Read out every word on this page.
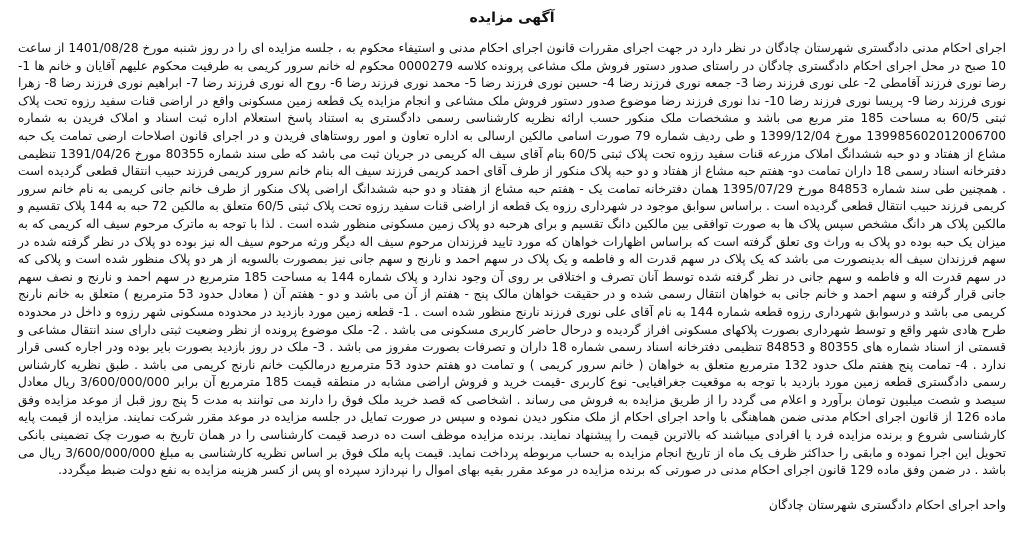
آگهی مزایده

اجرای احکام مدنی دادگستری شهرستان چادگان در نظر دارد در جهت اجرای مقررات قانون اجرای احکام مدنی و استیفاء محکوم به ، جلسه مزایده ای را در روز شنبه مورخ 1401/08/28 از ساعت 10 صبح در محل اجرای احکام دادگستری چادگان در راستای صدور دستور فروش ملک مشاعی پرونده کلاسه 0000279 محکوم له خانم سرور کریمی به طرفیت محکوم علیهم آقایان و خانم ها 1- رضا نوری فرزند آقامطی 2- علی نوری فرزند رضا 3- جمعه نوری فرزند رضا 4- حسین نوری فرزند رضا 5- محمد نوری فرزند رضا 6- روح اله نوری فرزند رضا 7- ابراهیم نوری فرزند رضا 8- زهرا نوری فرزند رضا 9- پریسا نوری فرزند رضا 10- ندا نوری فرزند رضا موضوع صدور دستور فروش ملک مشاعی و انجام مزایده یک قطعه زمین مسکونی واقع در اراضی قنات سفید رزوه تحت پلاک ثبتی 60/5 به مساحت 185 متر مربع می باشد و مشخصات ملک منکور حسب ارائه نظریه کارشناسی رسمی دادگستری به استناد پاسخ استعلام اداره ثبت اسناد و املاک فریدن به شماره 139985602012006700 مورخ 1399/12/04 و طی ردیف شماره 79 صورت اسامی مالکین ارسالی به اداره تعاون و امور روستاهای فریدن و در اجرای قانون اصلاحات ارضی تمامت یک حبه مشاع از هفتاد و دو حبه ششدانگ املاک مزرعه قنات سفید رزوه تحت پلاک ثبتی 60/5 بنام آقای سیف اله کریمی در جریان ثبت می باشد که طی سند شماره 80355 مورخ 1391/04/26 تنظیمی دفترخانه اسناد رسمی 18 داران تمامت دو- هفتم حبه مشاع از هفتاد و دو حبه پلاک منکور از طرف آقای احمد کریمی فرزند سیف اله بنام خانم سرور کریمی فرزند حبیب انتقال قطعی گردیده است . همچنین طی سند شماره 84853 مورخ 1395/07/29 همان دفترخانه تمامت یک - هفتم حبه مشاع از هفتاد و دو حبه ششدانگ اراضی پلاک منکور از طرف خانم جانی کریمی به نام خانم سرور کریمی فرزند حبیب انتقال قطعی گردیده است . براساس سوابق موجود در شهرداری رزوه یک قطعه از اراضی قنات سفید رزوه تحت پلاک ثبتی 60/5 متعلق به مالکین 72 حبه به 144 پلاک تقسیم و مالکین پلاک هر دانگ مشخص سپس پلاک ها به صورت توافقی بین مالکین دانگ تقسیم و برای هرحبه دو پلاک زمین مسکونی منظور شده است . لذا با توجه به ماترک مرحوم سیف اله کریمی که به میزان یک حبه بوده دو پلاک به وراث وی تعلق گرفته است که براساس اظهارات خواهان که مورد تایید فرزندان مرحوم سیف اله دیگر ورثه مرحوم سیف اله نیز بوده دو پلاک در نظر گرفته شده در سهم فرزندان سیف اله بدینصورت می باشد که یک پلاک در سهم قدرت اله و فاطمه و یک پلاک در سهم احمد و نارنج و سهم جانی نیز بمصورت بالسویه از هر دو پلاک منظور شده است و پلاکی که در سهم قدرت اله و فاطمه و سهم جانی در نظر گرفته شده توسط آنان تصرف و اختلافی بر روی آن وجود ندارد و پلاک شماره 144 به مساحت 185 مترمربع در سهم احمد و نارنج و نصف سهم جانی قرار گرفته و سهم احمد و خانم جانی به خواهان انتقال رسمی شده و در حقیقت خواهان مالک پنج - هفتم از آن می باشد و دو - هفتم آن ( معادل حدود 53 مترمربع ) متعلق به خانم نارنج کریمی می باشد و درسوابق شهرداری رزوه قطعه شماره 144 به نام آقای علی نوری فرزند نارنج منظور شده است . 1- قطعه زمین مورد بازدید در محدوده مسکونی شهر رزوه و داخل در محدوده طرح هادی شهر واقع و توسط شهرداری بصورت پلاکهای مسکونی افراز گردیده و درحال حاضر کاربری مسکونی می باشد . 2- ملک موضوع پرونده از نظر وضعیت ثبتی دارای سند انتقال مشاعی و قسمتی از اسناد شماره های 80355 و 84853 تنظیمی دفترخانه اسناد رسمی شماره 18 داران و تصرفات بصورت مفروز می باشد . 3- ملک در روز بازدید بصورت بایر بوده ودر اجاره کسی قرار ندارد . 4- تمامت پنج هفتم ملک حدود 132 مترمربع متعلق به خواهان ( خانم سرور کریمی ) و تمامت دو هفتم حدود 53 مترمربع درمالکیت خانم نارنج کریمی می باشد . طبق نظریه کارشناس رسمی دادگستری قطعه زمین مورد بازدید با توجه به موقعیت جغرافیایی- نوع کاربری -قیمت خرید و فروش اراضی مشابه در منطقه قیمت 185 مترمربع آن برابر 3/600/000/000 ریال معادل سیصد و شصت میلیون تومان برآورد و اعلام می گردد را از طریق مزایده به فروش می رساند . اشخاصی که قصد خرید ملک فوق را دارند می توانند به مدت 5 پنج روز قبل از موعد مزایده وفق ماده 126 از قانون اجرای احکام مدنی ضمن هماهنگی با واحد اجرای احکام از ملک منکور دیدن نموده و سپس در صورت تمایل در جلسه مزایده در موعد مقرر شرکت نمایند. مزایده از قیمت پایه کارشناسی شروع و برنده مزایده فرد یا افرادی میباشند که بالاترین قیمت را پیشنهاد نمایند. برنده مزایده موظف است ده درصد قیمت کارشناسی را در همان تاریخ به صورت چک تضمینی بانکی تحویل این اجرا نموده و مابقی را حداکثر ظرف یک ماه از تاریخ انجام مزایده به حساب مربوطه پرداخت نماید. قیمت پایه ملک فوق بر اساس نظریه کارشناسی به مبلغ 3/600/000/000 ریال می باشد . در ضمن وفق ماده 129 قانون اجرای احکام مدنی در صورتی که برنده مزایده در موعد مقرر بقیه بهای اموال را نپردازد سپرده او پس از کسر هزینه مزایده به نفع دولت ضبط میگردد.

واحد اجرای احکام دادگستری شهرستان چادگان
